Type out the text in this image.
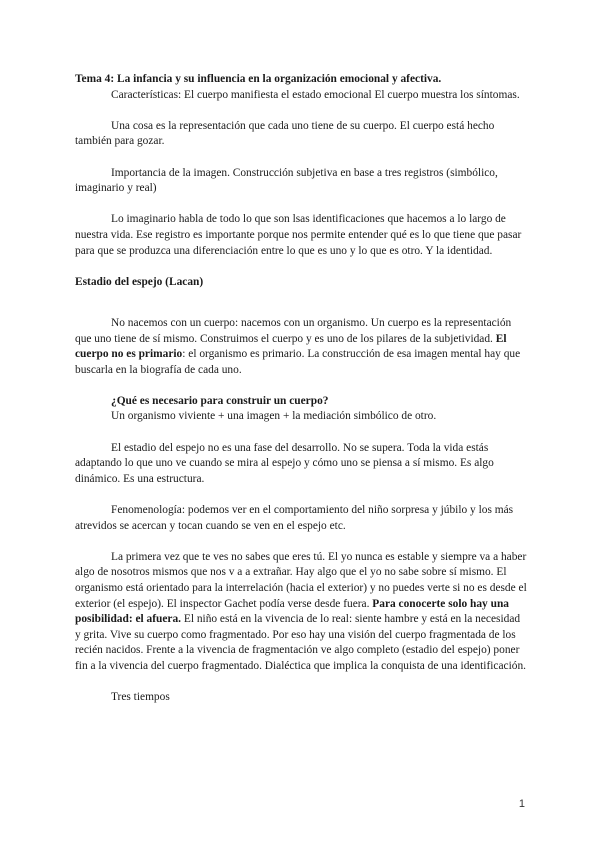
Tema 4: La infancia y su influencia en la organización emocional y afectiva.

Características: El cuerpo manifiesta el estado emocional El cuerpo muestra los síntomas.

Una cosa es la representación que cada uno tiene de su cuerpo. El cuerpo está hecho también para gozar.

Importancia de la imagen. Construcción subjetiva en base a tres registros (simbólico, imaginario y real)

Lo imaginario habla de todo lo que son lsas identificaciones que hacemos a lo largo de nuestra vida. Ese registro es importante porque nos permite entender qué es lo que tiene que pasar para que se produzca una diferenciación entre lo que es uno y lo que es otro. Y la identidad.

Estadio del espejo (Lacan)

No nacemos con un cuerpo: nacemos con un organismo. Un cuerpo es la representación que uno tiene de sí mismo. Construimos el cuerpo y es uno de los pilares de la subjetividad. El cuerpo no es primario: el organismo es primario. La construcción de esa imagen mental hay que buscarla en la biografía de cada uno.

¿Qué es necesario para construir un cuerpo?

Un organismo viviente + una imagen + la mediación simbólico de otro.

El estadio del espejo no es una fase del desarrollo. No se supera. Toda la vida estás adaptando lo que uno ve cuando se mira al espejo y cómo uno se piensa a sí mismo. Es algo dinámico. Es una estructura.

Fenomenología: podemos ver en el comportamiento del niño sorpresa y júbilo y los más atrevidos se acercan y tocan cuando se ven en el espejo etc.

La primera vez que te ves no sabes que eres tú. El yo nunca es estable y siempre va a haber algo de nosotros mismos que nos v a a extrañar. Hay algo que el yo no sabe sobre sí mismo. El organismo está orientado para la interrelación (hacia el exterior) y no puedes verte si no es desde el exterior (el espejo). El inspector Gachet podía verse desde fuera. Para conocerte solo hay una posibilidad: el afuera. El niño está en la vivencia de lo real: siente hambre y está en la necesidad y grita. Vive su cuerpo como fragmentado. Por eso hay una visión del cuerpo fragmentada de los recién nacidos. Frente a la vivencia de fragmentación ve algo completo (estadio del espejo) poner fin a la vivencia del cuerpo fragmentado. Dialéctica que implica la conquista de una identificación.

Tres tiempos

1
